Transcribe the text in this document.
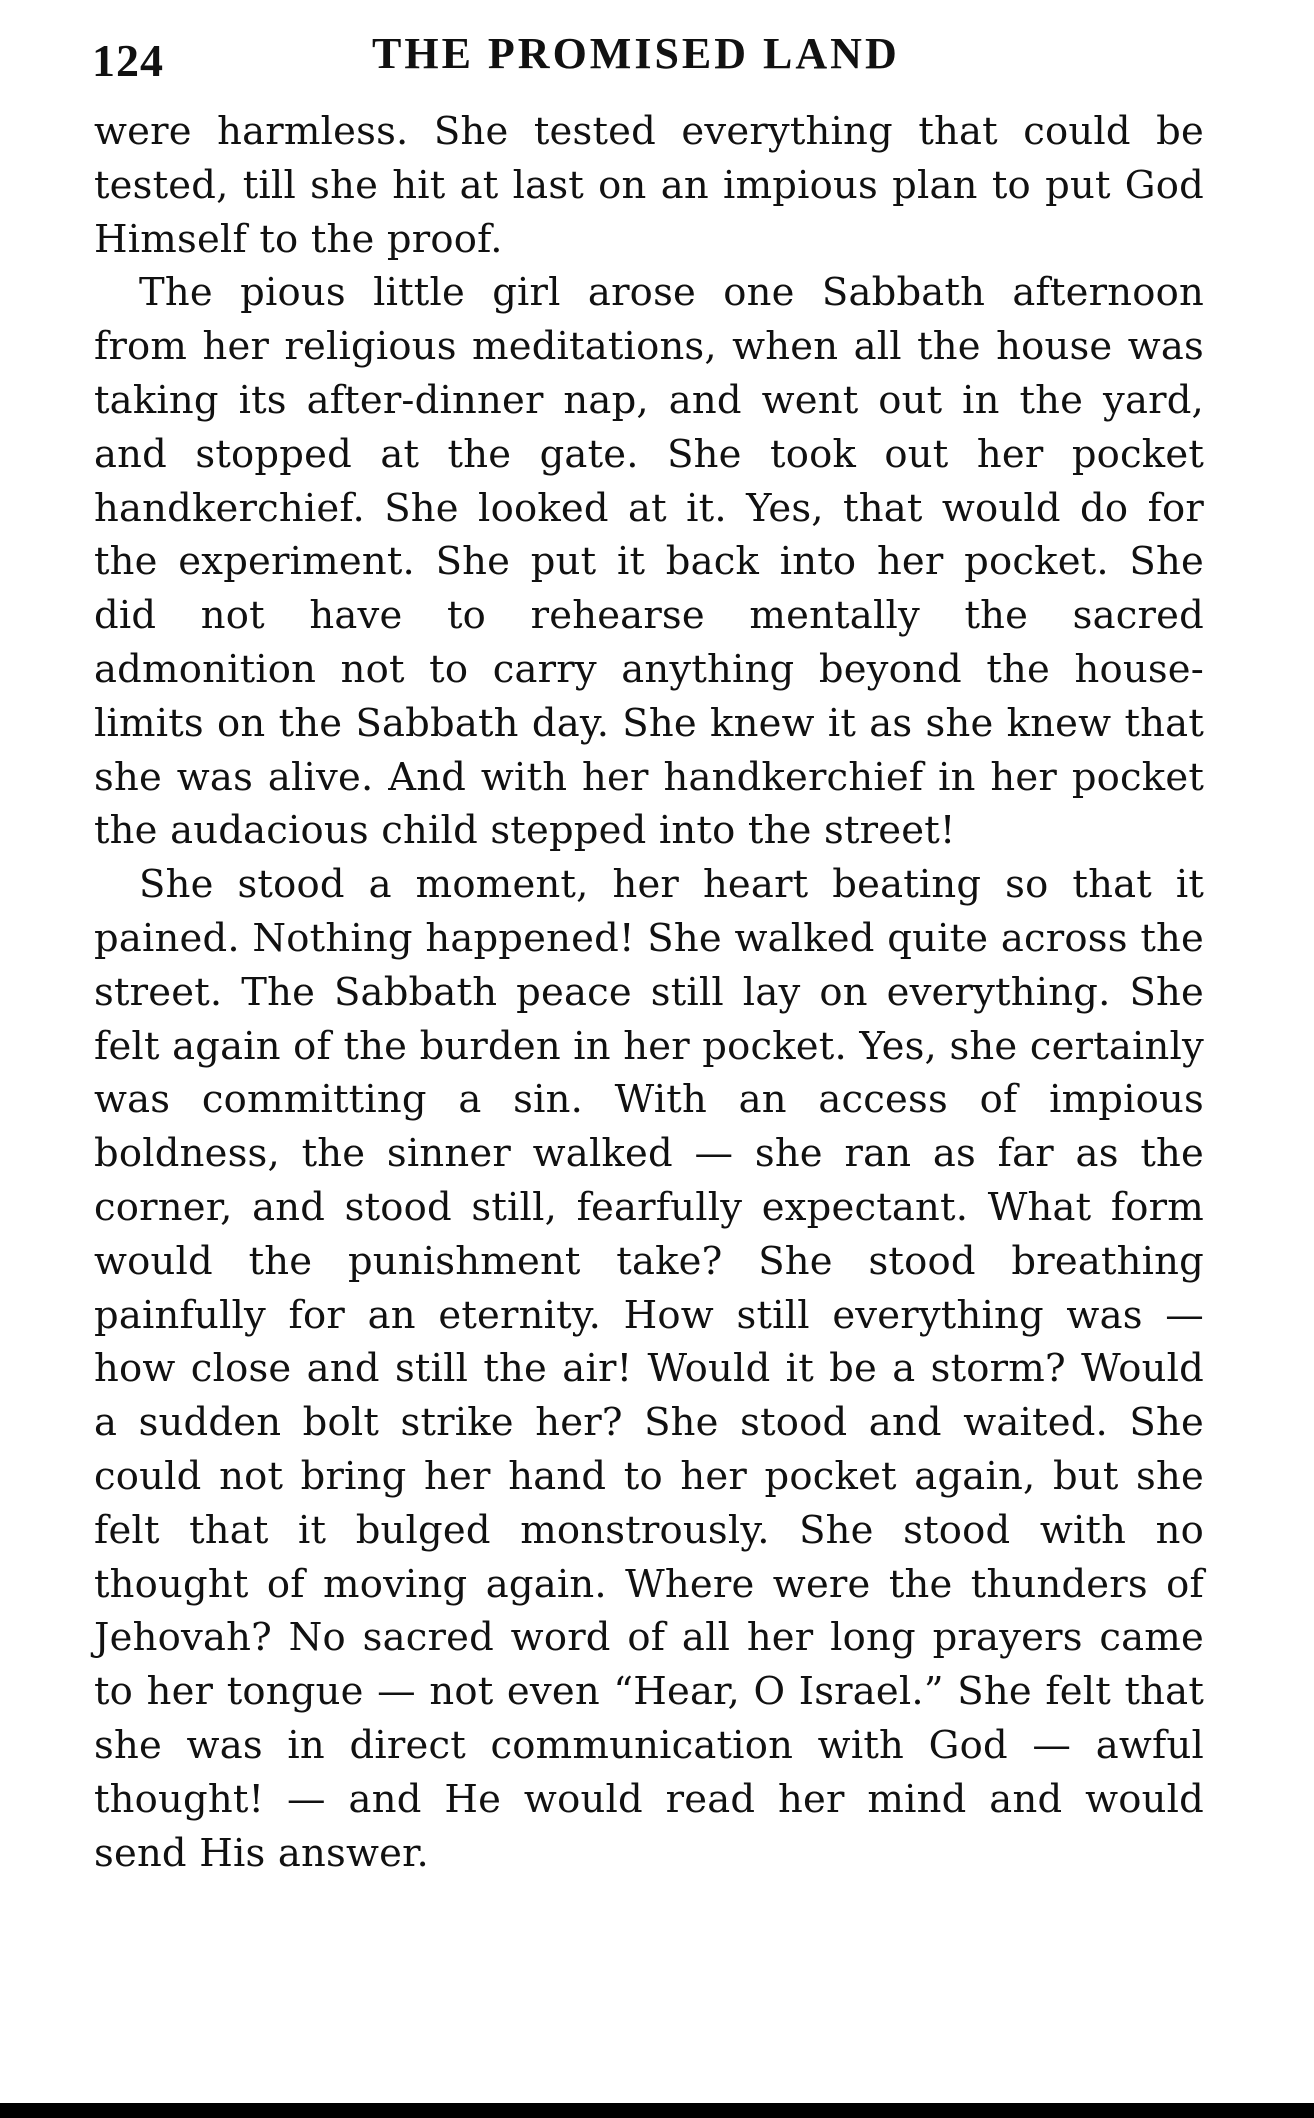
124	THE PROMISED LAND

were harmless. She tested everything that could be tested, till she hit at last on an impious plan to put God Himself to the proof.

The pious little girl arose one Sabbath afternoon from her religious meditations, when all the house was taking its after-dinner nap, and went out in the yard, and stopped at the gate. She took out her pocket handkerchief. She looked at it. Yes, that would do for the experiment. She put it back into her pocket. She did not have to rehearse mentally the sacred admonition not to carry anything beyond the house-limits on the Sabbath day. She knew it as she knew that she was alive. And with her handkerchief in her pocket the audacious child stepped into the street!

She stood a moment, her heart beating so that it pained. Nothing happened! She walked quite across the street. The Sabbath peace still lay on everything. She felt again of the burden in her pocket. Yes, she certainly was committing a sin. With an access of impious boldness, the sinner walked — she ran as far as the corner, and stood still, fearfully expectant. What form would the punishment take? She stood breathing painfully for an eternity. How still everything was — how close and still the air! Would it be a storm? Would a sudden bolt strike her? She stood and waited. She could not bring her hand to her pocket again, but she felt that it bulged monstrously. She stood with no thought of moving again. Where were the thunders of Jehovah? No sacred word of all her long prayers came to her tongue — not even “Hear, O Israel.” She felt that she was in direct communication with God — awful thought! — and He would read her mind and would send His answer.
